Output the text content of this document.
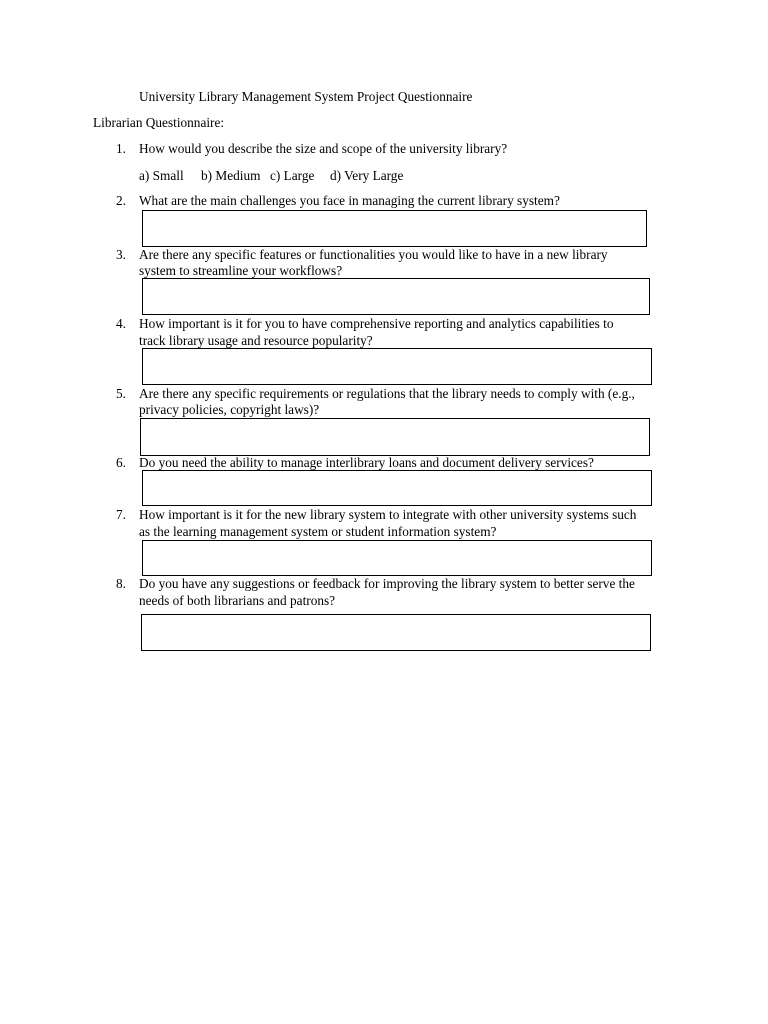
University Library Management System Project Questionnaire
Librarian Questionnaire:
1. How would you describe the size and scope of the university library?
a) Small b) Medium c) Large d) Very Large
2. What are the main challenges you face in managing the current library system?
3. Are there any specific features or functionalities you would like to have in a new library
system to streamline your workflows?
4. How important is it for you to have comprehensive reporting and analytics capabilities to
track library usage and resource popularity?
5. Are there any specific requirements or regulations that the library needs to comply with (e.g.,
privacy policies, copyright laws)?
6. Do you need the ability to manage interlibrary loans and document delivery services?
7. How important is it for the new library system to integrate with other university systems such
as the learning management system or student information system?
8. Do you have any suggestions or feedback for improving the library system to better serve the
needs of both librarians and patrons?
